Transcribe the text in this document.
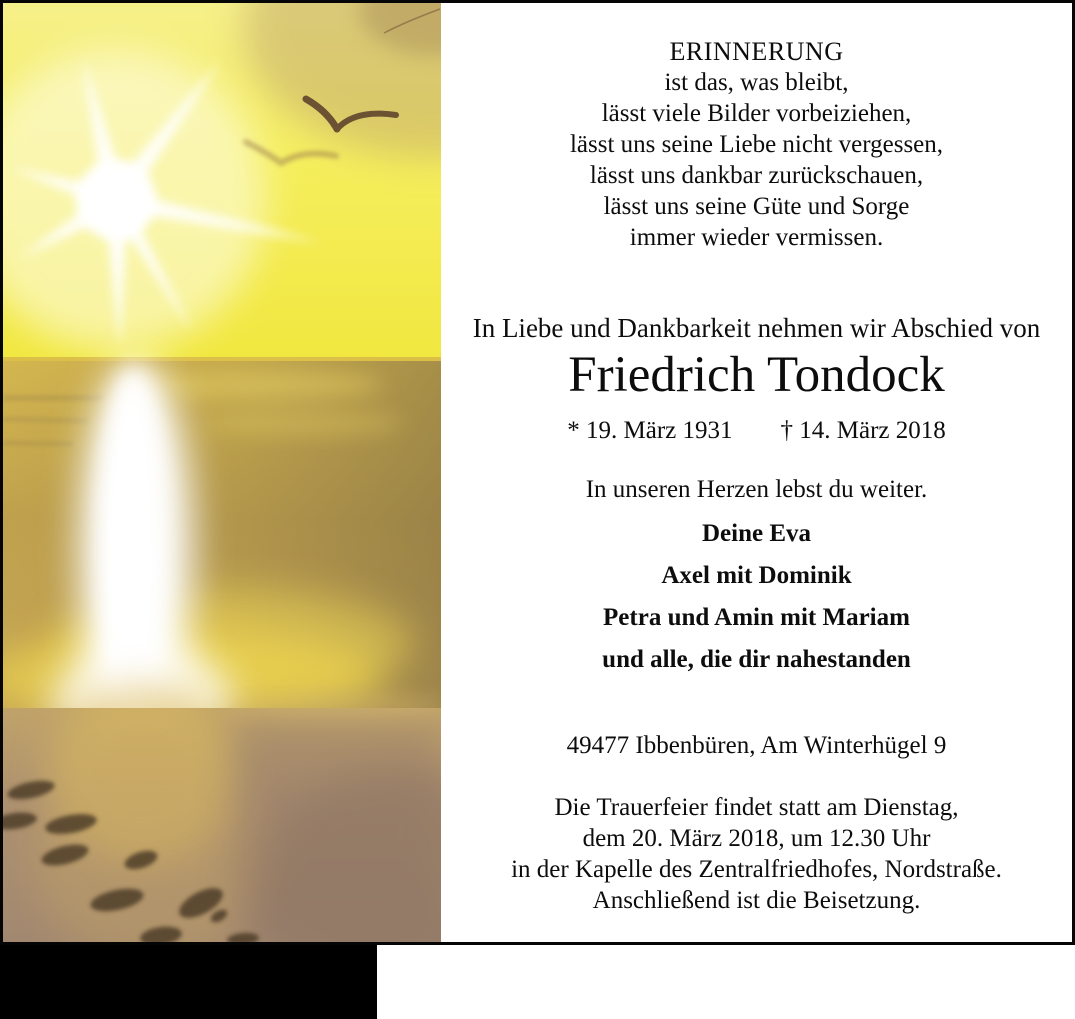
ERINNERUNG
ist das, was bleibt,
lässt viele Bilder vorbeiziehen,
lässt uns seine Liebe nicht vergessen,
lässt uns dankbar zurückschauen,
lässt uns seine Güte und Sorge
immer wieder vermissen.
In Liebe und Dankbarkeit nehmen wir Abschied von
Friedrich Tondock
* 19. März 1931 † 14. März 2018
In unseren Herzen lebst du weiter.
Deine Eva
Axel mit Dominik
Petra und Amin mit Mariam
und alle, die dir nahestanden
49477 Ibbenbüren, Am Winterhügel 9
Die Trauerfeier findet statt am Dienstag,
dem 20. März 2018, um 12.30 Uhr
in der Kapelle des Zentralfriedhofes, Nordstraße.
Anschließend ist die Beisetzung.
